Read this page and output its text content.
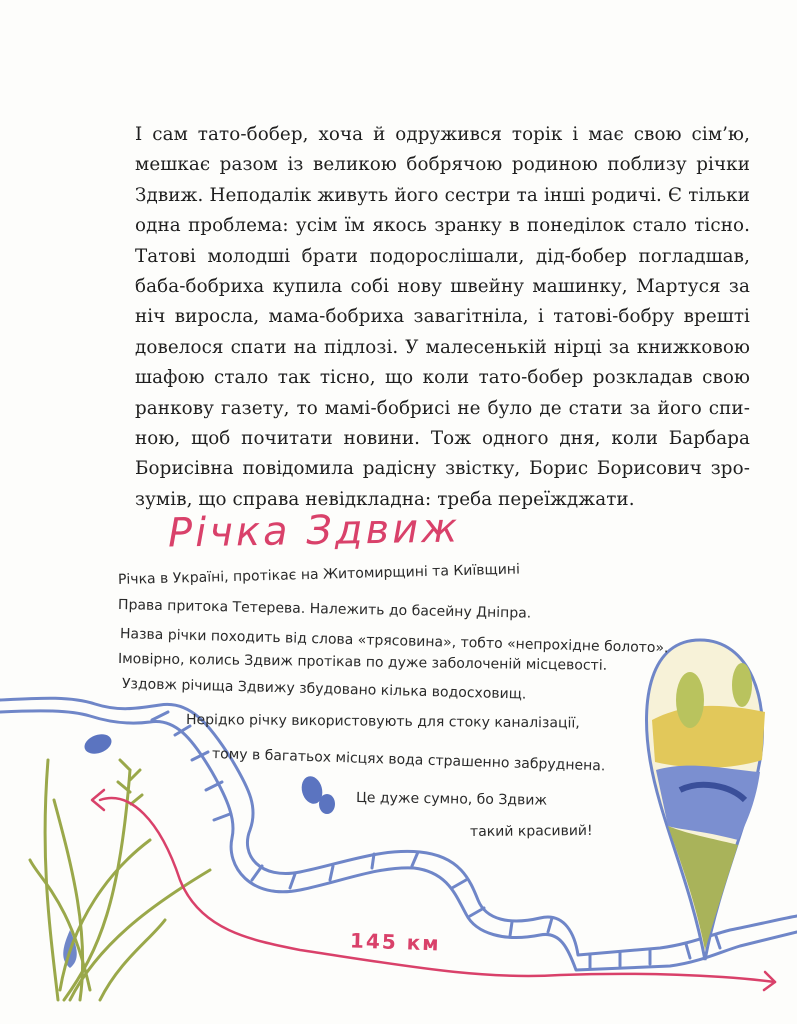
І сам тато-бобер, хоча й одружився торік і має свою сім’ю,
мешкає разом із великою бобрячою родиною поблизу річки
Здвиж. Неподалік живуть його сестри та інші родичі. Є тільки
одна проблема: усім їм якось зранку в понеділок стало тісно.
Татові молодші брати подорослішали, дід-бобер погладшав,
баба-бобриха купила собі нову швейну машинку, Мартуся за
ніч виросла, мама-бобриха завагітніла, і татові-бобру врешті
довелося спати на підлозі. У малесенькій нірці за книжковою
шафою стало так тісно, що коли тато-бобер розкладав свою
ранкову газету, то мамі-бобрисі не було де стати за його спи-
ною, щоб почитати новини. Тож одного дня, коли Барбара
Борисівна повідомила радісну звістку, Борис Борисович зро-
зумів, що справа невідкладна: треба переїжджати.
Річка Здвиж
Річка в Україні, протікає на Житомирщині та Київщині
Права притока Тетерева. Належить до басейну Дніпра.
Назва річки походить від слова «трясовина», тобто «непрохідне болото».
Імовірно, колись Здвиж протікав по дуже заболоченій місцевості.
Уздовж річища Здвижу збудовано кілька водосховищ.
Нерідко річку використовують для стоку каналізації,
тому в багатьох місцях вода страшенно забруднена.
Це дуже сумно, бо Здвиж
такий красивий!
145 км
